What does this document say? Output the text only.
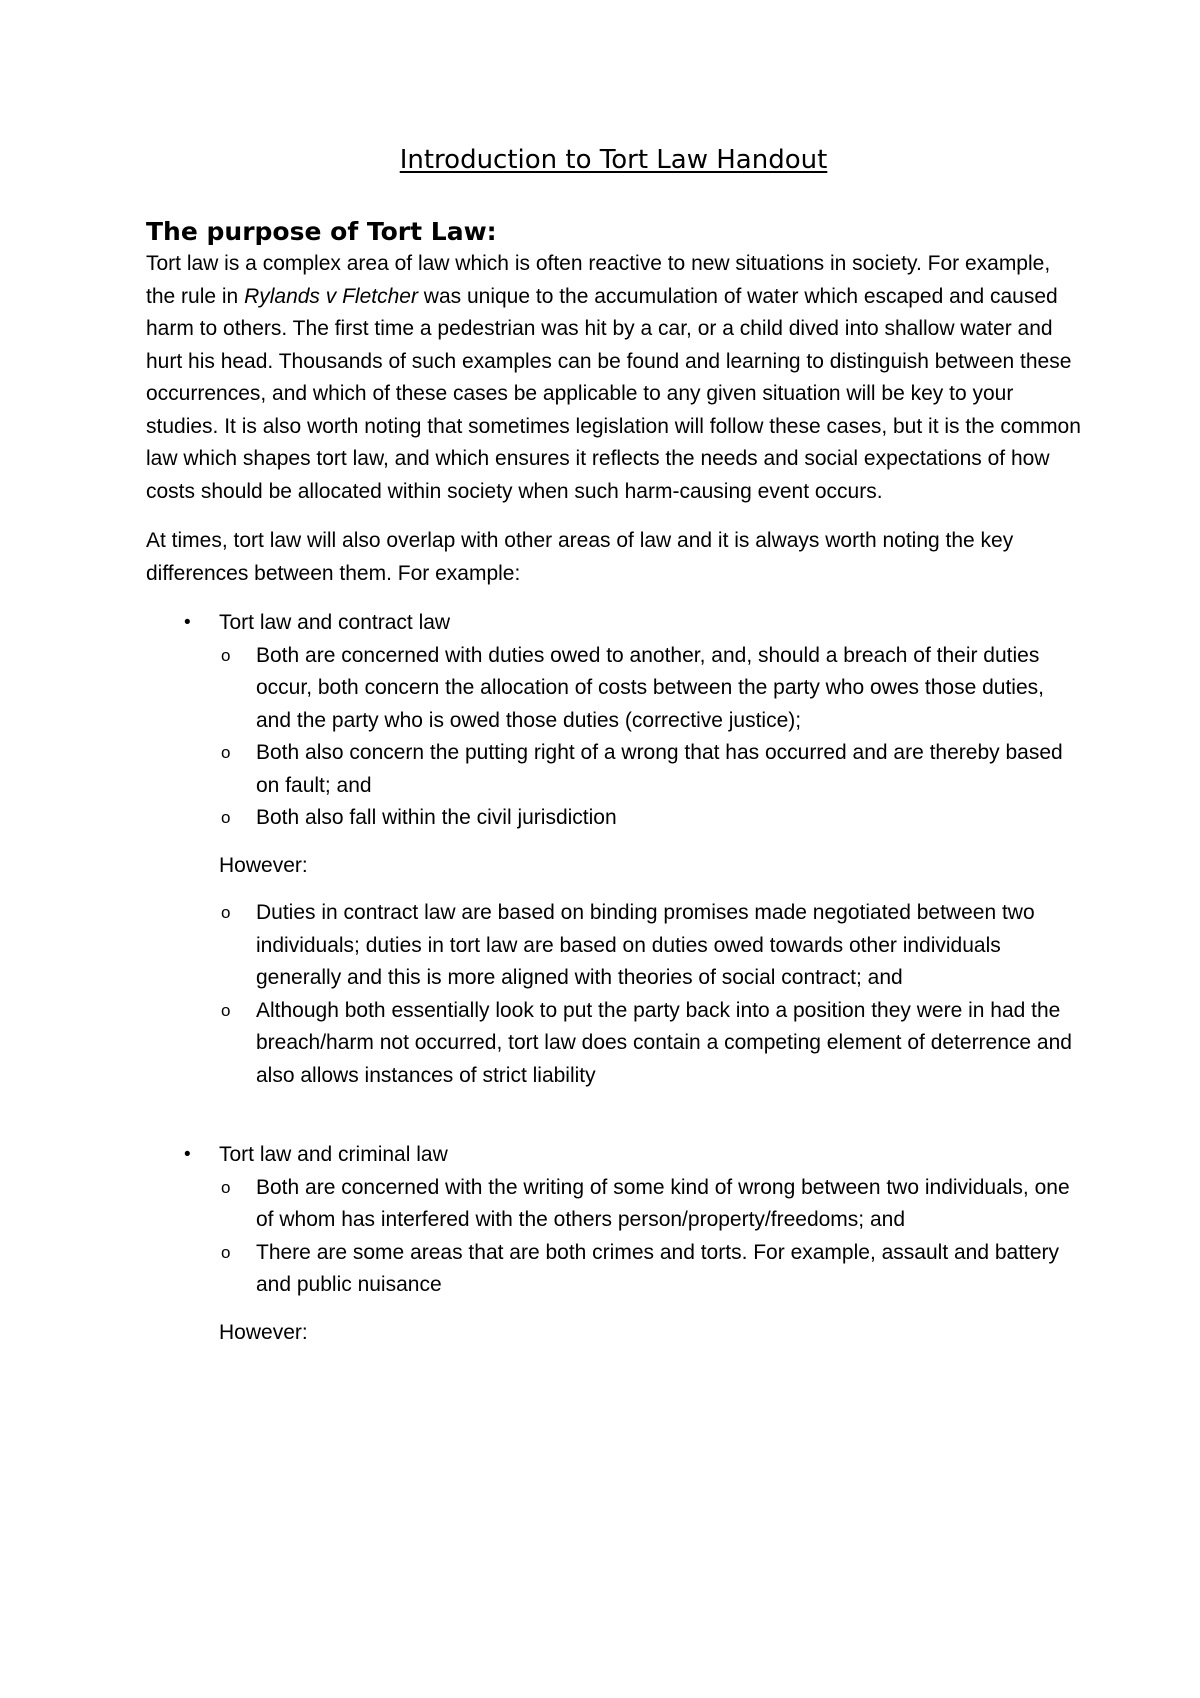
Introduction to Tort Law Handout
The purpose of Tort Law:

Tort law is a complex area of law which is often reactive to new situations in society. For example, the rule in Rylands v Fletcher was unique to the accumulation of water which escaped and caused harm to others. The first time a pedestrian was hit by a car, or a child dived into shallow water and hurt his head. Thousands of such examples can be found and learning to distinguish between these occurrences, and which of these cases be applicable to any given situation will be key to your studies. It is also worth noting that sometimes legislation will follow these cases, but it is the common law which shapes tort law, and which ensures it reflects the needs and social expectations of how costs should be allocated within society when such harm-causing event occurs.

At times, tort law will also overlap with other areas of law and it is always worth noting the key differences between them. For example:

• Tort law and contract law
o Both are concerned with duties owed to another, and, should a breach of their duties occur, both concern the allocation of costs between the party who owes those duties, and the party who is owed those duties (corrective justice);
o Both also concern the putting right of a wrong that has occurred and are thereby based on fault; and
o Both also fall within the civil jurisdiction

However:

o Duties in contract law are based on binding promises made negotiated between two individuals; duties in tort law are based on duties owed towards other individuals generally and this is more aligned with theories of social contract; and
o Although both essentially look to put the party back into a position they were in had the breach/harm not occurred, tort law does contain a competing element of deterrence and also allows instances of strict liability
• Tort law and criminal law
o Both are concerned with the writing of some kind of wrong between two individuals, one of whom has interfered with the others person/property/freedoms; and
o There are some areas that are both crimes and torts. For example, assault and battery and public nuisance

However:
